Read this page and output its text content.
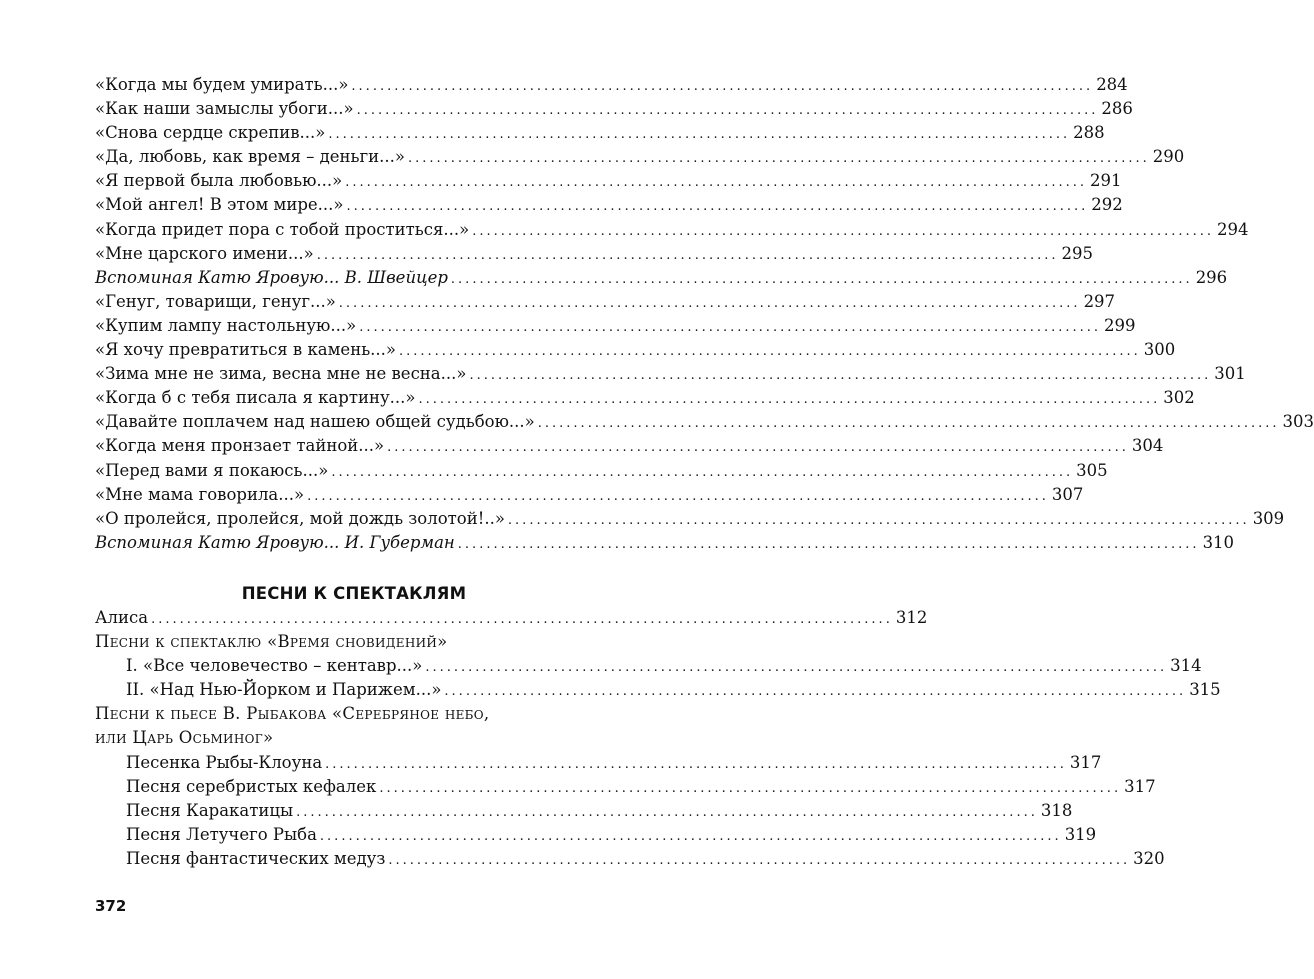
«Когда мы будем умирать...» ........................................................................................................ 284
«Как наши замыслы убоги...» ........................................................................................................ 286
«Снова сердце скрепив...» ........................................................................................................ 288
«Да, любовь, как время – деньги...» ........................................................................................................ 290
«Я первой была любовью...» ........................................................................................................ 291
«Мой ангел! В этом мире...» ........................................................................................................ 292
«Когда придет пора с тобой проститься...» ........................................................................................................ 294
«Мне царского имени...» ........................................................................................................ 295
Вспоминая Катю Яровую... В. Швейцер ........................................................................................................ 296
«Генуг, товарищи, генуг...» ........................................................................................................ 297
«Купим лампу настольную...» ........................................................................................................ 299
«Я хочу превратиться в камень...» ........................................................................................................ 300
«Зима мне не зима, весна мне не весна...» ........................................................................................................ 301
«Когда б с тебя писала я картину...» ........................................................................................................ 302
«Давайте поплачем над нашею общей судьбою...» ........................................................................................................ 303
«Когда меня пронзает тайной...» ........................................................................................................ 304
«Перед вами я покаюсь...» ........................................................................................................ 305
«Мне мама говорила...» ........................................................................................................ 307
«О пролейся, пролейся, мой дождь золотой!..» ........................................................................................................ 309
Вспоминая Катю Яровую... И. Губерман ........................................................................................................ 310
ПЕСНИ К СПЕКТАКЛЯМ
Алиса ........................................................................................................ 312
Песни к спектаклю «Время сновидений»
I. «Все человечество – кентавр...» ........................................................................................................ 314
II. «Над Нью-Йорком и Парижем...» ........................................................................................................ 315
Песни к пьесе В. Рыбакова «Серебряное небо,
или Царь Осьминог»
Песенка Рыбы-Клоуна ........................................................................................................ 317
Песня серебристых кефалек ........................................................................................................ 317
Песня Каракатицы ........................................................................................................ 318
Песня Летучего Рыба ........................................................................................................ 319
Песня фантастических медуз ........................................................................................................ 320
372
